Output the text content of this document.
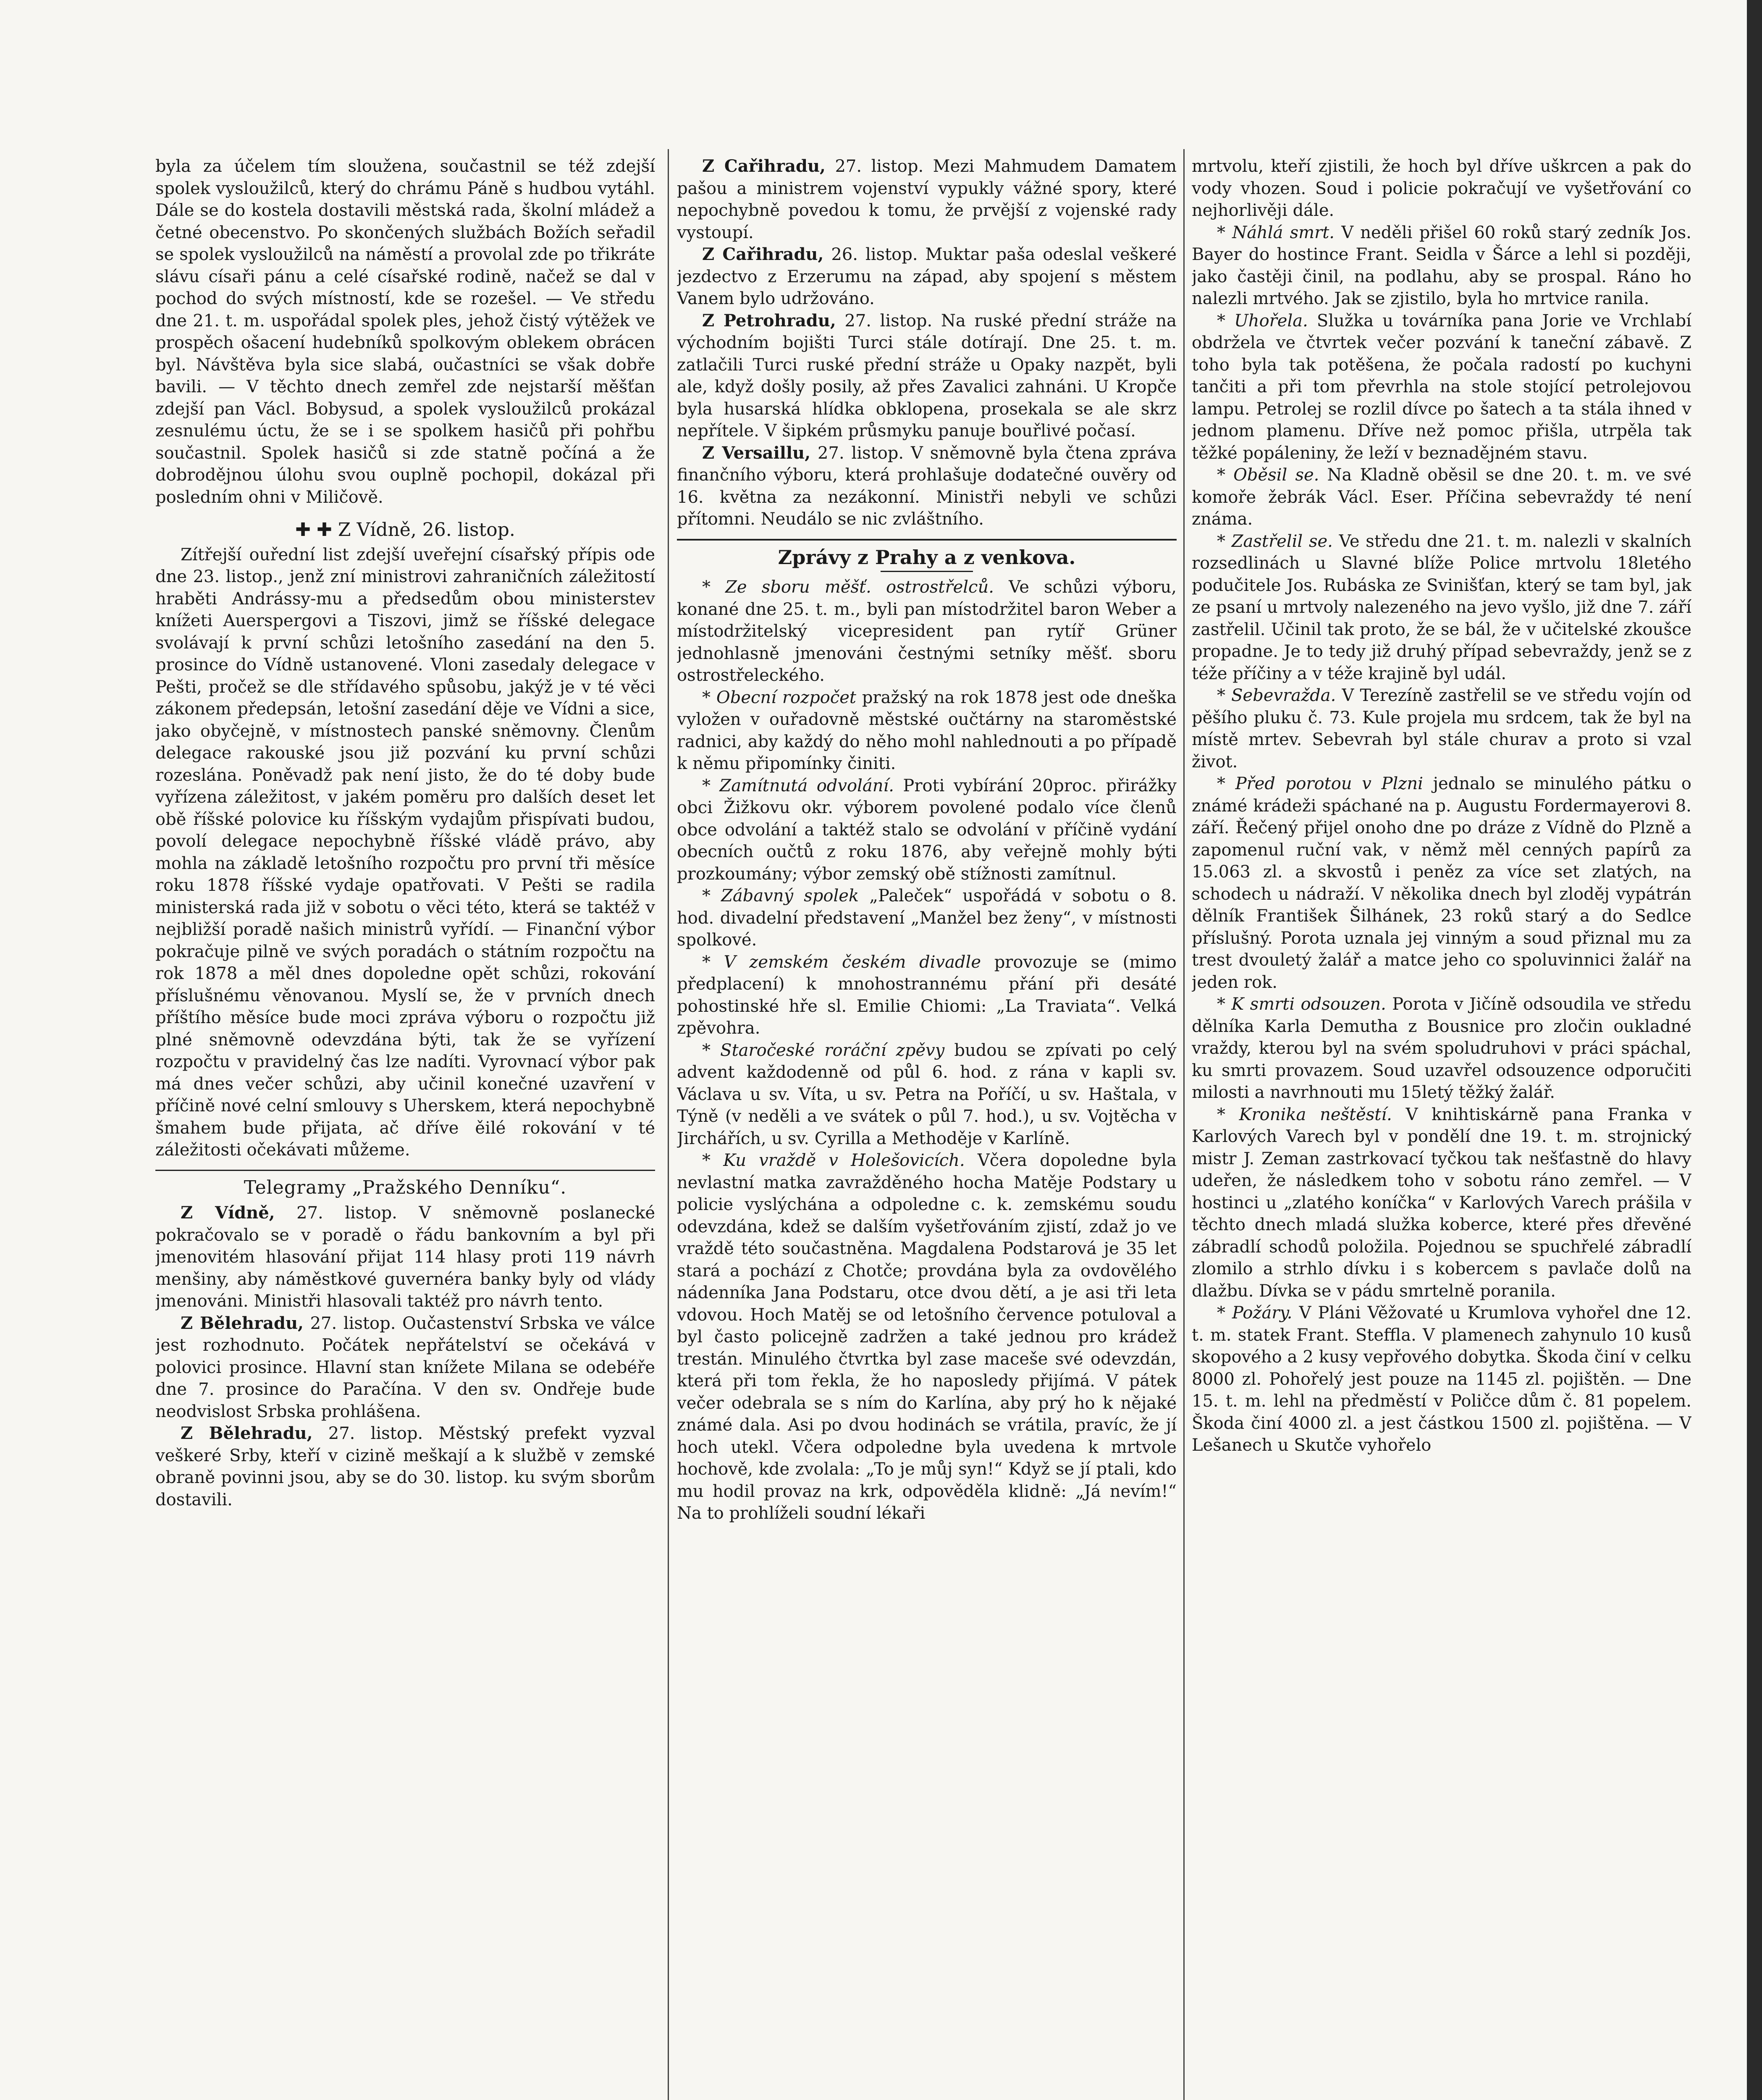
byla za účelem tím sloužena, součastnil se též zdejší spolek vysloužilců, který do chrámu Páně s hudbou vytáhl. Dále se do kostela dostavili městská rada, školní mládež a četné obecenstvo. Po skončených službách Božích seřadil se spolek vysloužilců na náměstí a provolal zde po třikráte slávu císaři pánu a celé císařské rodině, načež se dal v pochod do svých místností, kde se rozešel. — Ve středu dne 21. t. m. uspořádal spolek ples, jehož čistý výtěžek ve prospěch ošacení hudebníků spolkovým oblekem obrácen byl. Návštěva byla sice slabá, oučastníci se však dobře bavili. — V těchto dnech zemřel zde nejstarší měšťan zdejší pan Václ. Bobysud, a spolek vysloužilců prokázal zesnulému úctu, že se i se spolkem hasičů při pohřbu součastnil. Spolek hasičů si zde statně počíná a že dobrodějnou úlohu svou ouplně pochopil, dokázal při posledním ohni v Miličově.

✚ ✚ Z Vídně, 26. listop.

Zítřejší ouřední list zdejší uveřejní císařský přípis ode dne 23. listop., jenž zní ministrovi zahraničních záležitostí hraběti Andrássy-mu a předsedům obou ministerstev knížeti Auerspergovi a Tiszovi, jimž se říšské delegace svolávají k první schůzi letošního zasedání na den 5. prosince do Vídně ustanovené. Vloni zasedaly delegace v Pešti, pročež se dle střídavého spůsobu, jakýž je v té věci zákonem předepsán, letošní zasedání děje ve Vídni a sice, jako obyčejně, v místnostech panské sněmovny. Členům delegace rakouské jsou již pozvání ku první schůzi rozeslána. Poněvadž pak není jisto, že do té doby bude vyřízena záležitost, v jakém poměru pro dalších deset let obě říšské polovice ku říšským vydajům přispívati budou, povolí delegace nepochybně říšské vládě právo, aby mohla na základě letošního rozpočtu pro první tři měsíce roku 1878 říšské vydaje opatřovati. V Pešti se radila ministerská rada již v sobotu o věci této, která se taktéž v nejbližší poradě našich ministrů vyřídí. — Finanční výbor pokračuje pilně ve svých poradách o státním rozpočtu na rok 1878 a měl dnes dopoledne opět schůzi, rokování příslušnému věnovanou. Myslí se, že v prvních dnech příštího měsíce bude moci zpráva výboru o rozpočtu již plné sněmovně odevzdána býti, tak že se vyřízení rozpočtu v pravidelný čas lze nadíti. Vyrovnací výbor pak má dnes večer schůzi, aby učinil konečné uzavření v příčině nové celní smlouvy s Uherskem, která nepochybně šmahem bude přijata, ač dříve ěilé rokování v té záležitosti očekávati můžeme.

Telegramy „Pražského Denníku“.

Z Vídně, 27. listop. V sněmovně poslanecké pokračovalo se v poradě o řádu bankovním a byl při jmenovitém hlasování přijat 114 hlasy proti 119 návrh menšiny, aby náměstkové guvernéra banky byly od vlády jmenováni. Ministři hlasovali taktéž pro návrh tento.

Z Bělehradu, 27. listop. Oučastenství Srbska ve válce jest rozhodnuto. Počátek nepřátelství se očekává v polovici prosince. Hlavní stan knížete Milana se odebéře dne 7. prosince do Paračína. V den sv. Ondřeje bude neodvislost Srbska prohlášena.

Z Bělehradu, 27. listop. Městský prefekt vyzval veškeré Srby, kteří v cizině meškají a k službě v zemské obraně povinni jsou, aby se do 30. listop. ku svým sborům dostavili.

Z Cařihradu, 27. listop. Mezi Mahmudem Damatem pašou a ministrem vojenství vypukly vážné spory, které nepochybně povedou k tomu, že prvější z vojenské rady vystoupí.

Z Cařihradu, 26. listop. Muktar paša odeslal veškeré jezdectvo z Erzerumu na západ, aby spojení s městem Vanem bylo udržováno.

Z Petrohradu, 27. listop. Na ruské přední stráže na východním bojišti Turci stále dotírají. Dne 25. t. m. zatlačili Turci ruské přední stráže u Opaky nazpět, byli ale, když došly posily, až přes Zavalici zahnáni. U Kropče byla husarská hlídka obklopena, prosekala se ale skrz nepřítele. V šipkém průsmyku panuje bouřlivé počasí.

Z Versaillu, 27. listop. V sněmovně byla čtena zpráva finančního výboru, která prohlašuje dodatečné ouvěry od 16. května za nezákonní. Ministři nebyli ve schůzi přítomni. Neudálo se nic zvláštního.

Zprávy z Prahy a z venkova.

* Ze sboru měšť. ostrostřelců. Ve schůzi výboru, konané dne 25. t. m., byli pan místodržitel baron Weber a místodržitelský vicepresident pan rytíř Grüner jednohlasně jmenováni čestnými setníky měšť. sboru ostrostřeleckého.

* Obecní rozpočet pražský na rok 1878 jest ode dneška vyložen v ouřadovně městské oučtárny na staroměstské radnici, aby každý do něho mohl nahlednouti a po případě k němu připomínky činiti.

* Zamítnutá odvolání. Proti vybírání 20proc. přirážky obci Žižkovu okr. výborem povolené podalo více členů obce odvolání a taktéž stalo se odvolání v příčině vydání obecních oučtů z roku 1876, aby veřejně mohly býti prozkoumány; výbor zemský obě stížnosti zamítnul.

* Zábavný spolek „Paleček“ uspořádá v sobotu o 8. hod. divadelní představení „Manžel bez ženy“, v místnosti spolkové.

* V zemském českém divadle provozuje se (mimo předplacení) k mnohostrannému přání při desáté pohostinské hře sl. Emilie Chiomi: „La Traviata“. Velká zpěvohra.

* Staročeské roráční zpěvy budou se zpívati po celý advent každodenně od půl 6. hod. z rána v kapli sv. Václava u sv. Víta, u sv. Petra na Poříčí, u sv. Haštala, v Týně (v neděli a ve svátek o půl 7. hod.), u sv. Vojtěcha v Jirchářích, u sv. Cyrilla a Methoděje v Karlíně.

* Ku vraždě v Holešovicích. Včera dopoledne byla nevlastní matka zavražděného hocha Matěje Podstary u policie vyslýchána a odpoledne c. k. zemskému soudu odevzdána, kdež se dalším vyšetřováním zjistí, zdaž jo ve vraždě této součastněna. Magdalena Podstarová je 35 let stará a pochází z Chotče; provdána byla za ovdovělého nádenníka Jana Podstaru, otce dvou dětí, a je asi tři leta vdovou. Hoch Matěj se od letošního července potuloval a byl často policejně zadržen a také jednou pro krádež trestán. Minulého čtvrtka byl zase maceše své odevzdán, která při tom řekla, že ho naposledy přijímá. V pátek večer odebrala se s ním do Karlína, aby prý ho k nějaké známé dala. Asi po dvou hodinách se vrátila, pravíc, že jí hoch utekl. Včera odpoledne byla uvedena k mrtvole hochově, kde zvolala: „To je můj syn!“ Když se jí ptali, kdo mu hodil provaz na krk, odpověděla klidně: „Já nevím!“ Na to prohlíželi soudní lékaři

mrtvolu, kteří zjistili, že hoch byl dříve uškrcen a pak do vody vhozen. Soud i policie pokračují ve vyšetřování co nejhorlivěji dále.

* Náhlá smrt. V neděli přišel 60 roků starý zedník Jos. Bayer do hostince Frant. Seidla v Šárce a lehl si později, jako častěji činil, na podlahu, aby se prospal. Ráno ho nalezli mrtvého. Jak se zjistilo, byla ho mrtvice ranila.

* Uhořela. Služka u továrníka pana Jorie ve Vrchlabí obdržela ve čtvrtek večer pozvání k taneční zábavě. Z toho byla tak potěšena, že počala radostí po kuchyni tančiti a při tom převrhla na stole stojící petrolejovou lampu. Petrolej se rozlil dívce po šatech a ta stála ihned v jednom plamenu. Dříve než pomoc přišla, utrpěla tak těžké popáleniny, že leží v beznadějném stavu.

* Oběsil se. Na Kladně oběsil se dne 20. t. m. ve své komoře žebrák Václ. Eser. Příčina sebevraždy té není známa.

* Zastřelil se. Ve středu dne 21. t. m. nalezli v skalních rozsedlinách u Slavné blíže Police mrtvolu 18letého podučitele Jos. Rubáska ze Svinišťan, který se tam byl, jak ze psaní u mrtvoly nalezeného na jevo vyšlo, již dne 7. září zastřelil. Učinil tak proto, že se bál, že v učitelské zkoušce propadne. Je to tedy již druhý případ sebevraždy, jenž se z téže příčiny a v téže krajině byl udál.

* Sebevražda. V Terezíně zastřelil se ve středu vojín od pěšího pluku č. 73. Kule projela mu srdcem, tak že byl na místě mrtev. Sebevrah byl stále churav a proto si vzal život.

* Před porotou v Plzni jednalo se minulého pátku o známé krádeži spáchané na p. Augustu Fordermayerovi 8. září. Řečený přijel onoho dne po dráze z Vídně do Plzně a zapomenul ruční vak, v němž měl cenných papírů za 15.063 zl. a skvostů i peněz za více set zlatých, na schodech u nádraží. V několika dnech byl zloděj vypátrán dělník František Šilhánek, 23 roků starý a do Sedlce příslušný. Porota uznala jej vinným a soud přiznal mu za trest dvouletý žalář a matce jeho co spoluvinnici žalář na jeden rok.

* K smrti odsouzen. Porota v Jičíně odsoudila ve středu dělníka Karla Demutha z Bousnice pro zločin oukladné vraždy, kterou byl na svém spoludruhovi v práci spáchal, ku smrti provazem. Soud uzavřel odsouzence odporučiti milosti a navrhnouti mu 15letý těžký žalář.

* Kronika neštěstí. V knihtiskárně pana Franka v Karlových Varech byl v pondělí dne 19. t. m. strojnický mistr J. Zeman zastrkovací tyčkou tak nešťastně do hlavy udeřen, že následkem toho v sobotu ráno zemřel. — V hostinci u „zlatého koníčka“ v Karlových Varech prášila v těchto dnech mladá služka koberce, které přes dřevěné zábradlí schodů položila. Pojednou se spuchřelé zábradlí zlomilo a strhlo dívku i s kobercem s pavlače dolů na dlažbu. Dívka se v pádu smrtelně poranila.

* Požáry. V Pláni Věžovaté u Krumlova vyhořel dne 12. t. m. statek Frant. Steffla. V plamenech zahynulo 10 kusů skopového a 2 kusy vepřového dobytka. Škoda činí v celku 8000 zl. Pohořelý jest pouze na 1145 zl. pojištěn. — Dne 15. t. m. lehl na předměstí v Poličce dům č. 81 popelem. Škoda činí 4000 zl. a jest částkou 1500 zl. pojištěna. — V Lešanech u Skutče vyhořelo
